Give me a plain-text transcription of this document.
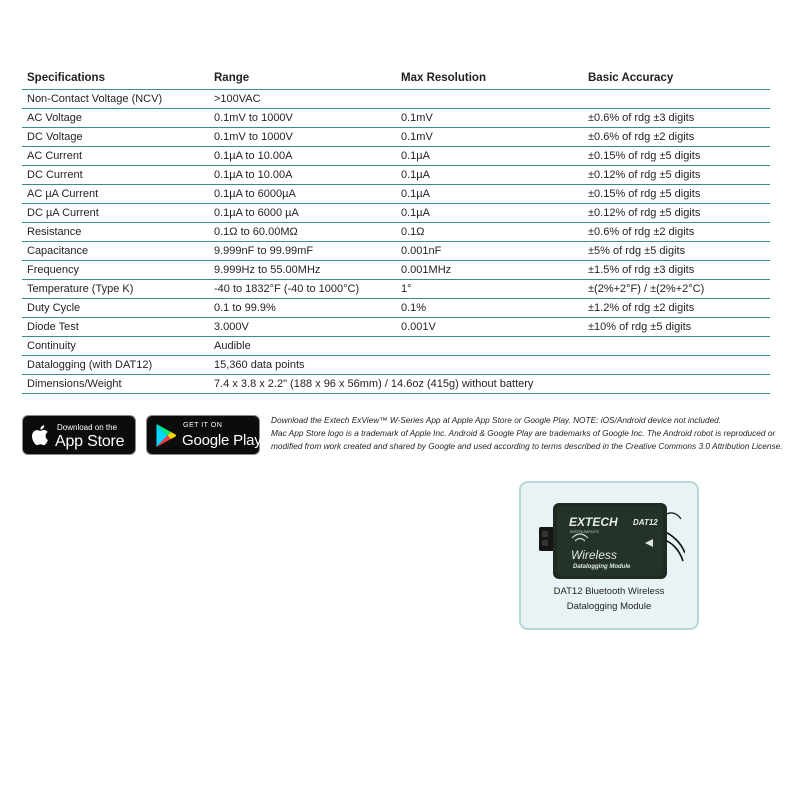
Specifications	Range	Max Resolution	Basic Accuracy
Non-Contact Voltage (NCV)	>100VAC		
AC Voltage	0.1mV to 1000V	0.1mV	±0.6% of rdg ±3 digits
DC Voltage	0.1mV to 1000V	0.1mV	±0.6% of rdg ±2 digits
AC Current	0.1µA to 10.00A	0.1µA	±0.15% of rdg ±5 digits
DC Current	0.1µA to 10.00A	0.1µA	±0.12% of rdg ±5 digits
AC µA Current	0.1µA to 6000µA	0.1µA	±0.15% of rdg ±5 digits
DC µA Current	0.1µA to 6000 µA	0.1µA	±0.12% of rdg ±5 digits
Resistance	0.1Ω to 60.00MΩ	0.1Ω	±0.6% of rdg ±2 digits
Capacitance	9.999nF to 99.99mF	0.001nF	±5% of rdg ±5 digits
Frequency	9.999Hz to 55.00MHz	0.001MHz	±1.5% of rdg ±3 digits
Temperature (Type K)	-40 to 1832°F (-40 to 1000°C)	1°	±(2%+2°F) / ±(2%+2°C)
Duty Cycle	0.1 to 99.9%	0.1%	±1.2% of rdg ±2 digits
Diode Test	3.000V	0.001V	±10% of rdg ±5 digits
Continuity	Audible		
Datalogging (with DAT12)	15,360 data points		
Dimensions/Weight	7.4 x 3.8 x 2.2" (188 x 96 x 56mm) / 14.6oz (415g) without battery		
Download on the
App Store
GET IT ON
Google Play

Download the Extech ExView™ W-Series App at Apple App Store or Google Play. NOTE: iOS/Android device not included.

Mac App Store logo is a trademark of Apple Inc. Android & Google Play are trademarks of Google Inc. The Android robot is reproduced or

modified from work created and shared by Google and used according to terms described in the Creative Commons 3.0 Attribution License.

EXTECH
INSTRUMENTS
DAT12
Wireless
Datalogging Module
DAT12 Bluetooth Wireless
Datalogging Module
